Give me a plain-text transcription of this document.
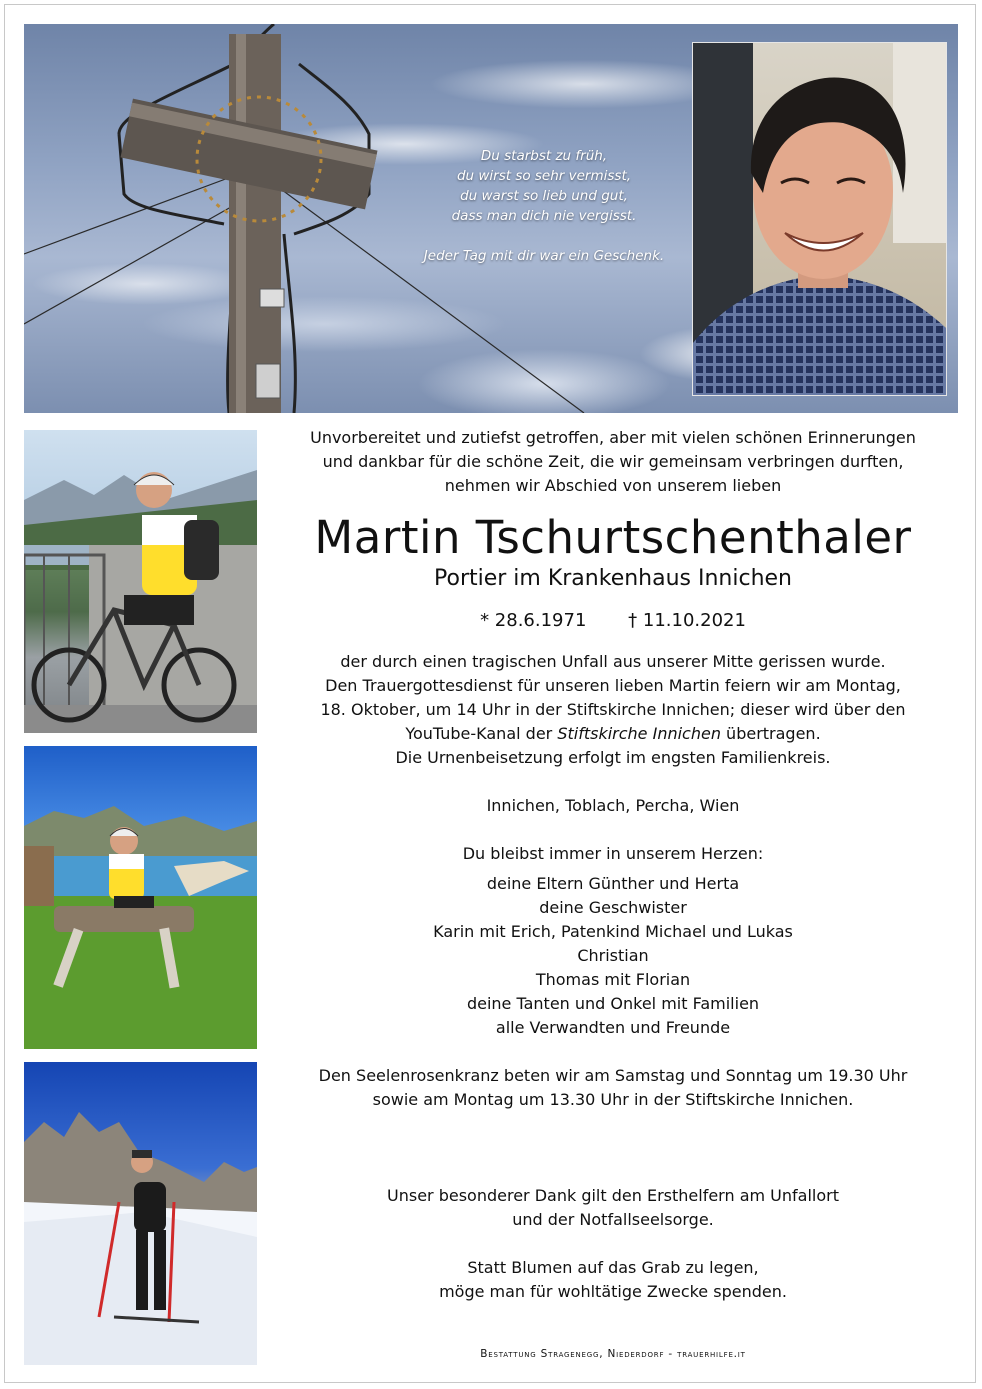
Du starbst zu früh,
du wirst so sehr vermisst,
du warst so lieb und gut,
dass man dich nie vergisst.
Jeder Tag mit dir war ein Geschenk.
Unvorbereitet und zutiefst getroffen, aber mit vielen schönen Erinnerungen
und dankbar für die schöne Zeit, die wir gemeinsam verbringen durften,
nehmen wir Abschied von unserem lieben
Martin Tschurtschenthaler
Portier im Krankenhaus Innichen
* 28.6.1971 † 11.10.2021
der durch einen tragischen Unfall aus unserer Mitte gerissen wurde.
Den Trauergottesdienst für unseren lieben Martin feiern wir am Montag,
18. Oktober, um 14 Uhr in der Stiftskirche Innichen; dieser wird über den
YouTube-Kanal der Stiftskirche Innichen übertragen.
Die Urnenbeisetzung erfolgt im engsten Familienkreis.
Innichen, Toblach, Percha, Wien
Du bleibst immer in unserem Herzen:
deine Eltern Günther und Herta
deine Geschwister
Karin mit Erich, Patenkind Michael und Lukas
Christian
Thomas mit Florian
deine Tanten und Onkel mit Familien
alle Verwandten und Freunde
Den Seelenrosenkranz beten wir am Samstag und Sonntag um 19.30 Uhr
sowie am Montag um 13.30 Uhr in der Stiftskirche Innichen.
Unser besonderer Dank gilt den Ersthelfern am Unfallort
und der Notfallseelsorge.
Statt Blumen auf das Grab zu legen,
möge man für wohltätige Zwecke spenden.
Bestattung Stragenegg, Niederdorf - trauerhilfe.it
